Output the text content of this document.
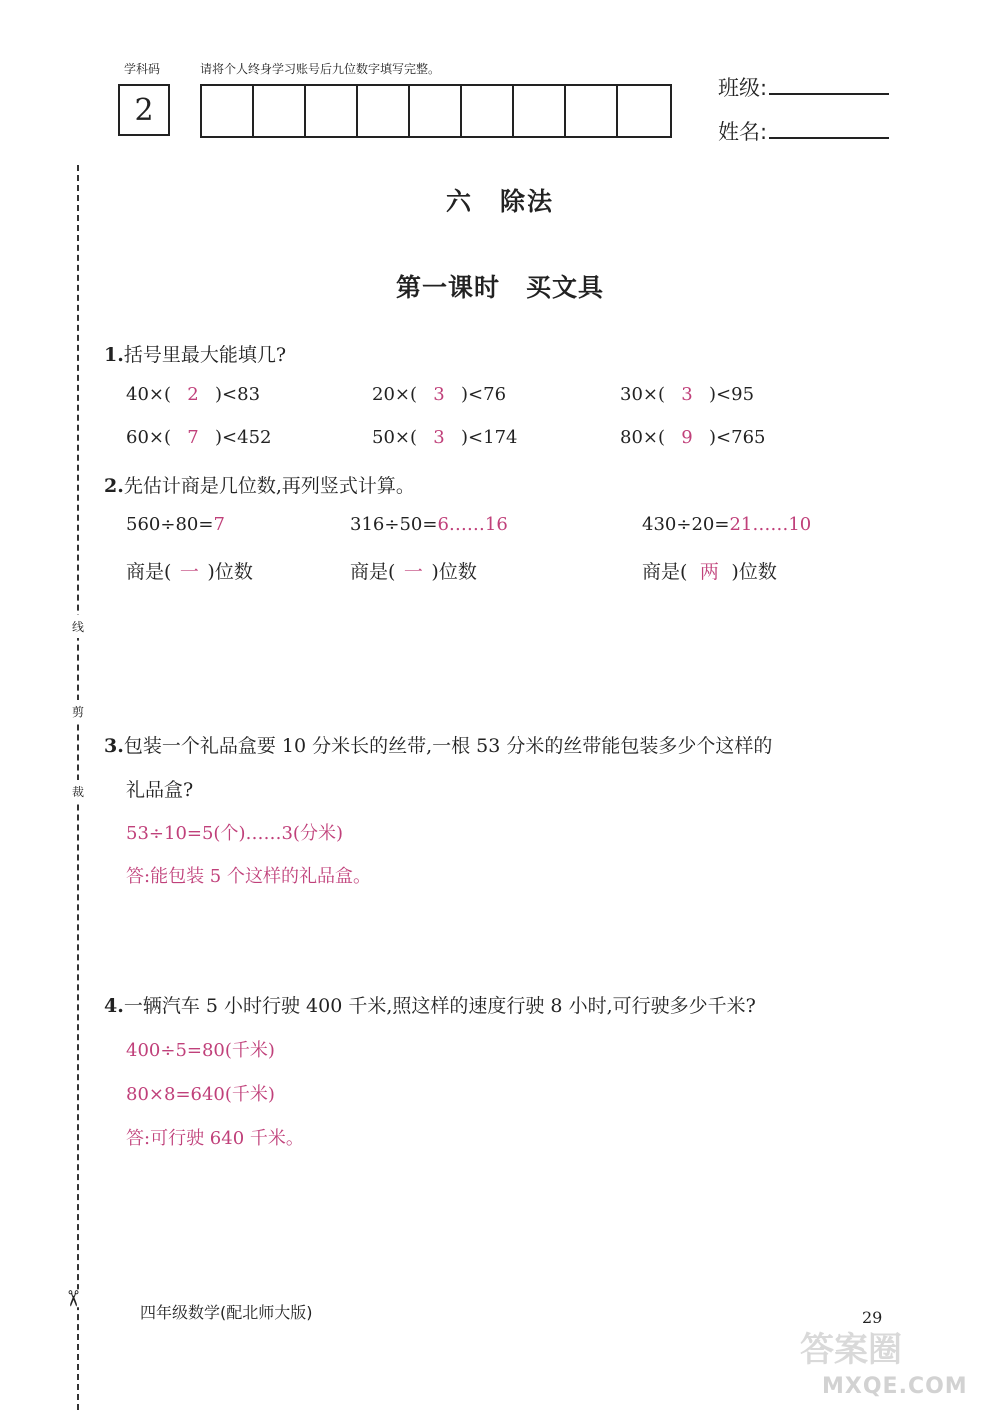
学科码	请将个人终身学习账号后九位数字填写完整。
2
班级:
姓名:
线
剪
裁
✂
六　除法
第一课时　买文具
1.括号里最大能填几?
40×( 2 )<83	20×( 3 )<76	30×( 3 )<95
60×( 7 )<452	50×( 3 )<174	80×( 9 )<765
2.先估计商是几位数,再列竖式计算。
560÷80=7	316÷50=6……16	430÷20=21……10
商是( 一 )位数	商是( 一 )位数	商是( 两 )位数
3.包装一个礼品盒要 10 分米长的丝带,一根 53 分米的丝带能包装多少个这样的
礼品盒?
53÷10=5(个)……3(分米)
答:能包装 5 个这样的礼品盒。
4.一辆汽车 5 小时行驶 400 千米,照这样的速度行驶 8 小时,可行驶多少千米?
400÷5=80(千米)
80×8=640(千米)
答:可行驶 640 千米。
四年级数学(配北师大版)	29
答案圈
MXQE.COM
